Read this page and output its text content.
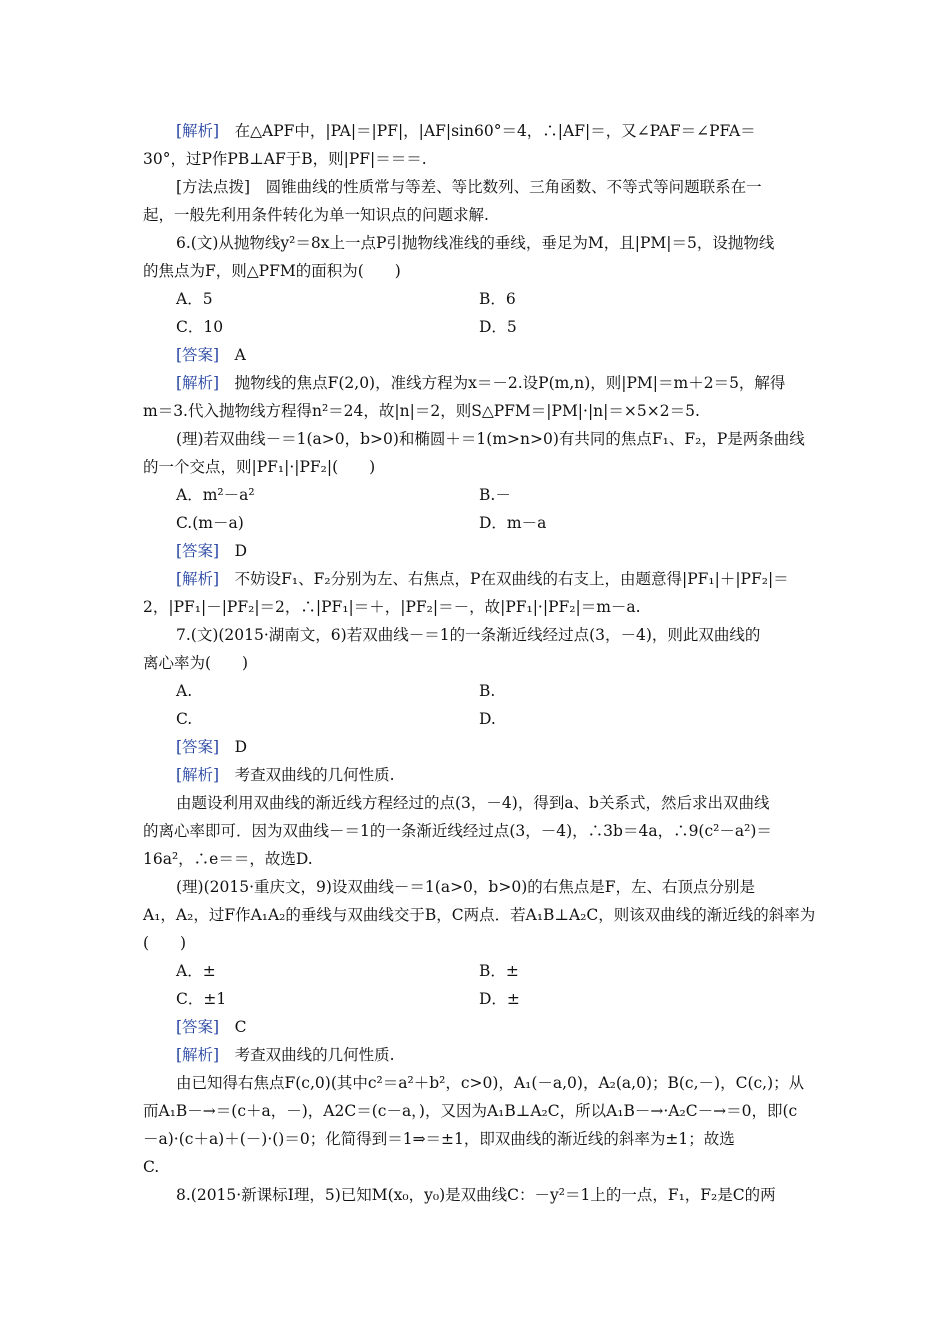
[解析]　在△APF中，|PA|＝|PF|，|AF|sin60°＝4，∴|AF|＝，又∠PAF＝∠PFA＝
30°，过P作PB⊥AF于B，则|PF|＝＝＝.
[方法点拨]　圆锥曲线的性质常与等差、等比数列、三角函数、不等式等问题联系在一
起，一般先利用条件转化为单一知识点的问题求解.
6.(文)从抛物线y²＝8x上一点P引抛物线准线的垂线，垂足为M，且|PM|＝5，设抛物线
的焦点为F，则△PFM的面积为(　　)
A．5	B．6
C．10	D．5
[答案]　A
[解析]　抛物线的焦点F(2,0)，准线方程为x＝－2.设P(m,n)，则|PM|＝m＋2＝5，解得
m＝3.代入抛物线方程得n²＝24，故|n|＝2，则S△PFM＝|PM|·|n|＝×5×2＝5.
(理)若双曲线－＝1(a>0，b>0)和椭圆＋＝1(m>n>0)有共同的焦点F₁、F₂，P是两条曲线
的一个交点，则|PF₁|·|PF₂|(　　)
A．m²－a²	B.－
C.(m－a)	D．m－a
[答案]　D
[解析]　不妨设F₁、F₂分别为左、右焦点，P在双曲线的右支上，由题意得|PF₁|＋|PF₂|＝
2，|PF₁|－|PF₂|＝2，∴|PF₁|＝＋，|PF₂|＝－，故|PF₁|·|PF₂|＝m－a.
7.(文)(2015·湖南文，6)若双曲线－＝1的一条渐近线经过点(3，－4)，则此双曲线的
离心率为(　　)
A.	B.
C.	D.
[答案]　D
[解析]　考查双曲线的几何性质.
由题设利用双曲线的渐近线方程经过的点(3，－4)，得到a、b关系式，然后求出双曲线
的离心率即可．因为双曲线－＝1的一条渐近线经过点(3，－4)，∴3b＝4a，∴9(c²－a²)＝
16a²，∴e＝＝，故选D.
(理)(2015·重庆文，9)设双曲线－＝1(a>0，b>0)的右焦点是F，左、右顶点分别是
A₁，A₂，过F作A₁A₂的垂线与双曲线交于B，C两点．若A₁B⊥A₂C，则该双曲线的渐近线的斜率为
(　　)
A．±	B．±
C．±1	D．±
[答案]　C
[解析]　考查双曲线的几何性质.
由已知得右焦点F(c,0)(其中c²＝a²＋b²，c>0)，A₁(－a,0)，A₂(a,0)；B(c,－)，C(c,)；从
而A₁B－→＝(c＋a，－)，A2C＝(c－a，)，又因为A₁B⊥A₂C，所以A₁B－→·A₂C－→＝0，即(c
－a)·(c＋a)＋(－)·()＝0；化简得到＝1⇒＝±1，即双曲线的渐近线的斜率为±1；故选
C.
8.(2015·新课标Ⅰ理，5)已知M(x₀，y₀)是双曲线C：－y²＝1上的一点，F₁，F₂是C的两
